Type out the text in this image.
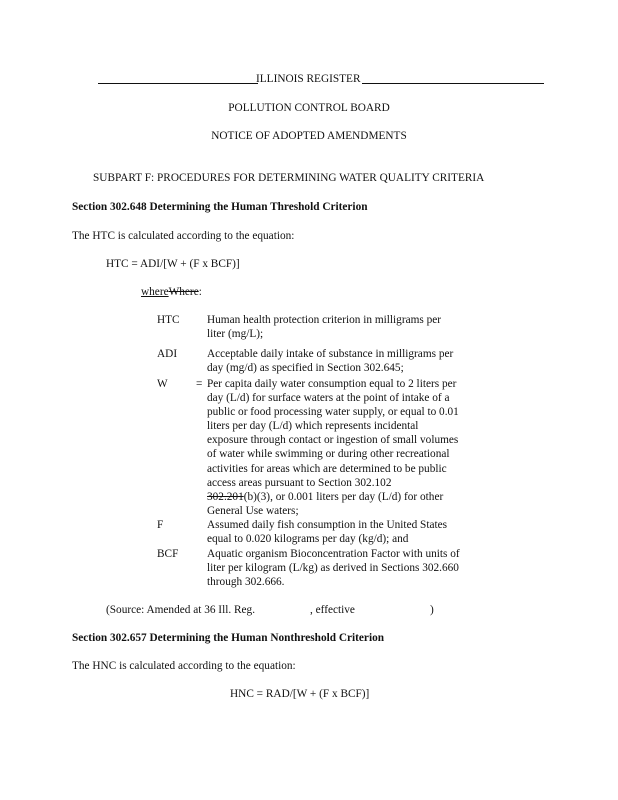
ILLINOIS REGISTER
POLLUTION CONTROL BOARD
NOTICE OF ADOPTED AMENDMENTS
SUBPART F: PROCEDURES FOR DETERMINING WATER QUALITY CRITERIA
Section 302.648 Determining the Human Threshold Criterion
The HTC is calculated according to the equation:
HTC = ADI/[W + (F x BCF)]
whereWhere:
HTC Human health protection criterion in milligrams per
liter (mg/L);
ADI	Acceptable daily intake of substance in milligrams per
day (mg/d) as specified in Section 302.645;
W	= Per capita daily water consumption equal to 2 liters per
day (L/d) for surface waters at the point of intake of a
public or food processing water supply, or equal to 0.01
liters per day (L/d) which represents incidental
exposure through contact or ingestion of small volumes
of water while swimming or during other recreational
activities for areas which are determined to be public
access areas pursuant to Section 302.102
302.201(b)(3), or 0.001 liters per day (L/d) for other
General Use waters;
F	Assumed daily fish consumption in the United States
equal to 0.020 kilograms per day (kg/d); and
BCF	Aquatic organism Bioconcentration Factor with units of
liter per kilogram (L/kg) as derived in Sections 302.660
through 302.666.
(Source: Amended at 36 Ill. Reg.	, effective	)
Section 302.657 Determining the Human Nonthreshold Criterion
The HNC is calculated according to the equation:
HNC = RAD/[W + (F x BCF)]
